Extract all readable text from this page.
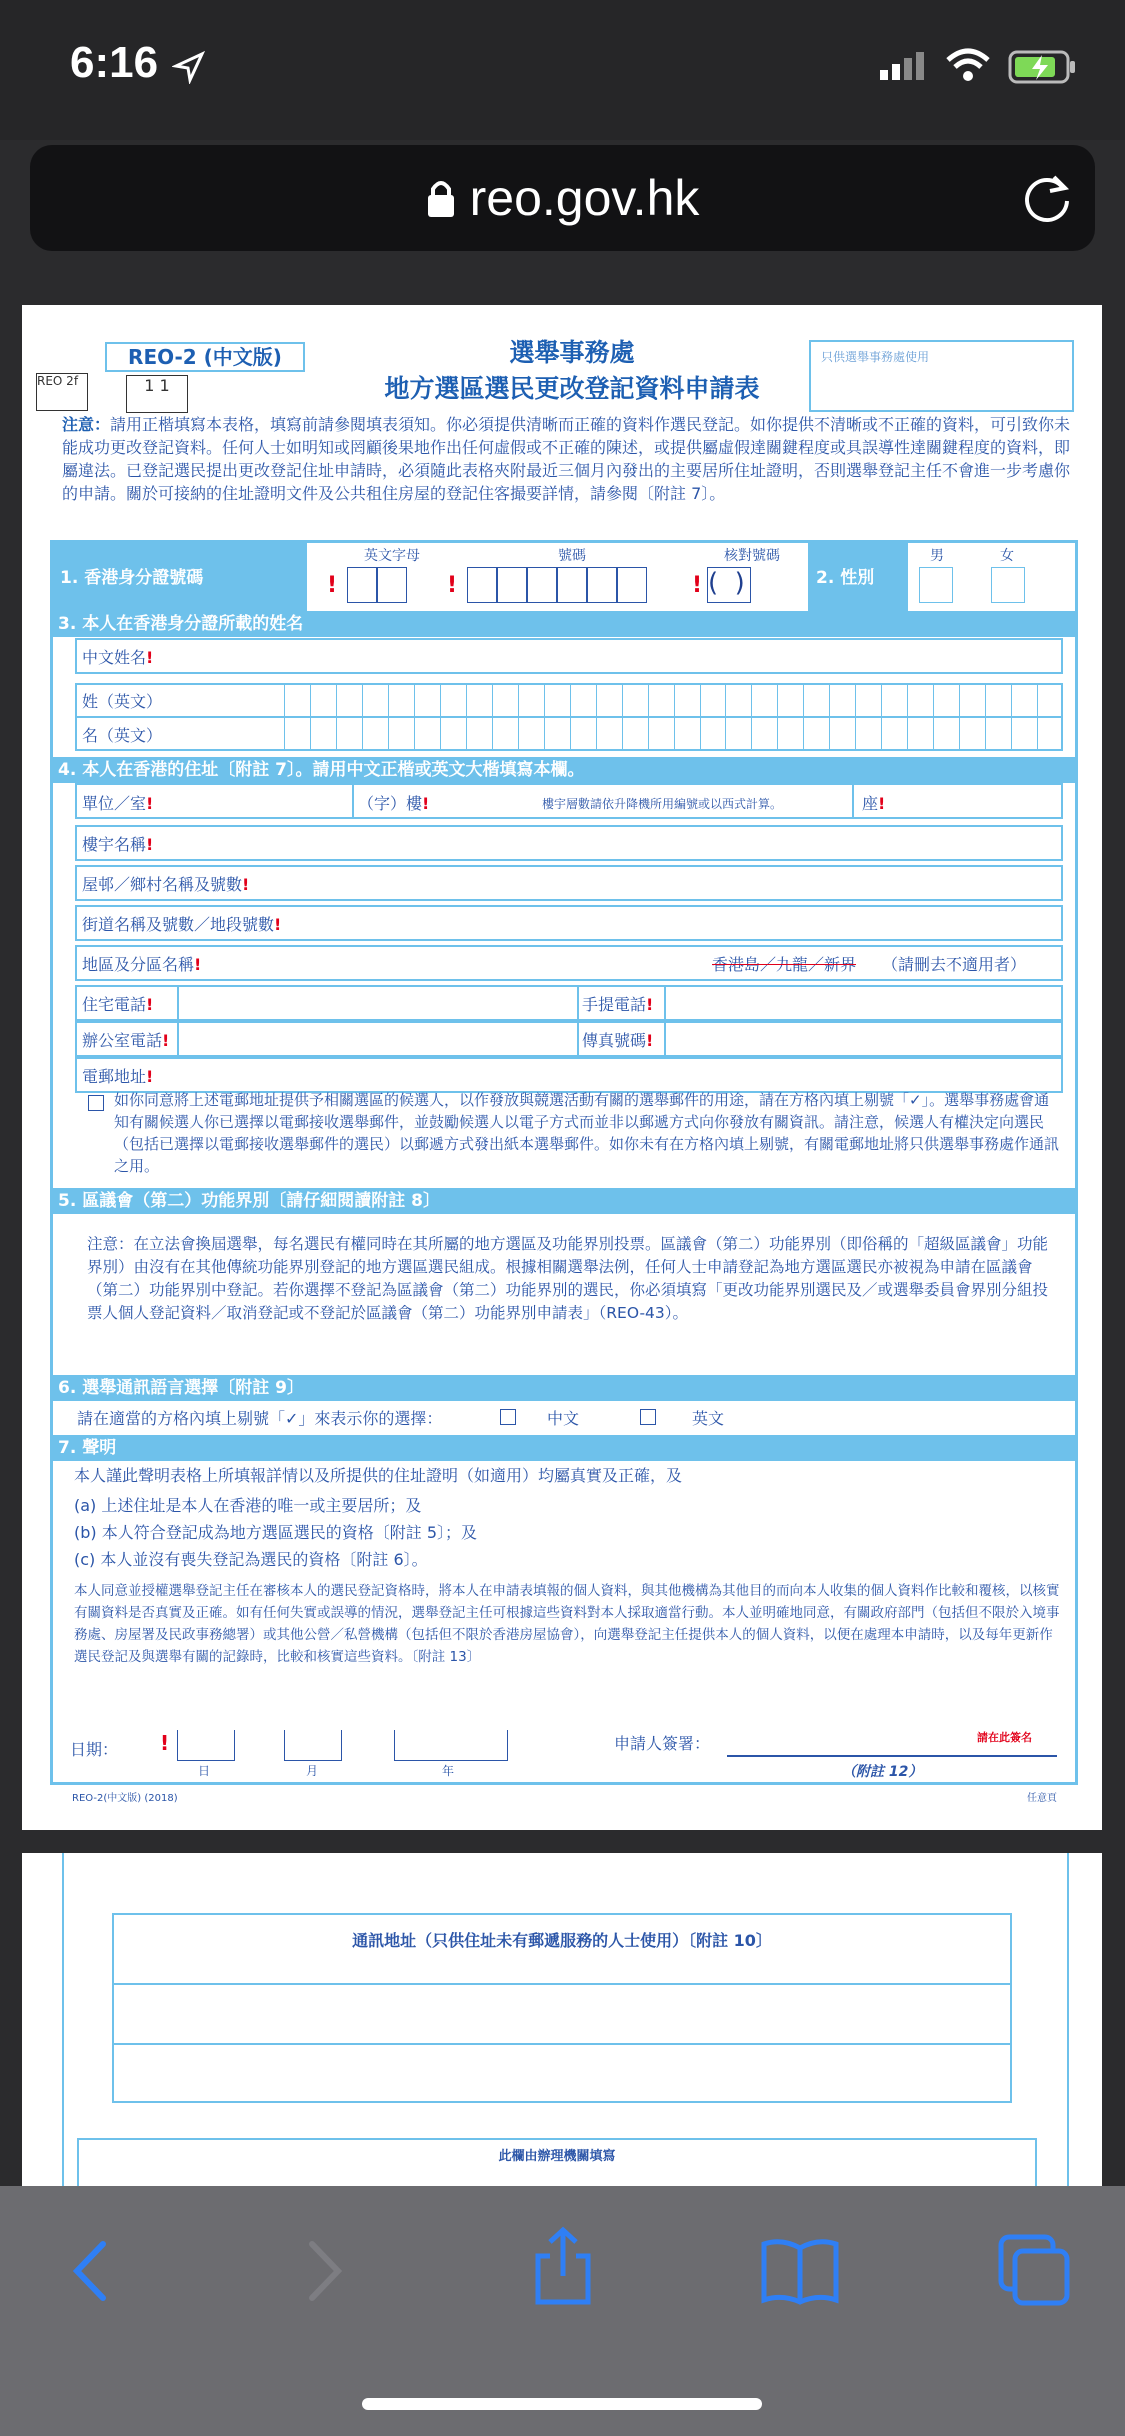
6:16
reo.gov.hk
REO-2 (中文版)
REO 2f	1 1
選舉事務處
地方選區選民更改登記資料申請表
只供選舉事務處使用
注意：請用正楷填寫本表格，填寫前請參閱填表須知。你必須提供清晰而正確的資料作選民登記。如你提供不清晰或不正確的資料，可引致你未能成功更改登記資料。任何人士如明知或罔顧後果地作出任何虛假或不正確的陳述，或提供屬虛假達關鍵程度或具誤導性達關鍵程度的資料，即屬違法。已登記選民提出更改登記住址申請時，必須隨此表格夾附最近三個月內發出的主要居所住址證明，否則選舉登記主任不會進一步考慮你的申請。關於可接納的住址證明文件及公共租住房屋的登記住客撮要詳情，請參閱〔附註 7〕。
1. 香港身分證號碼
英文字母	號碼	核對號碼
!	!	! (  )	2. 性別
男	女
3. 本人在香港身分證所載的姓名
中文姓名!
姓（英文）
名（英文）
4. 本人在香港的住址〔附註 7〕。請用中文正楷或英文大楷填寫本欄。
單位／室!	（字）樓!	樓宇層數請依升降機所用編號或以西式計算。	座!
樓宇名稱!
屋邨／鄉村名稱及號數!
街道名稱及號數／地段號數!
地區及分區名稱!	香港島／九龍／新界 （請刪去不適用者）
住宅電話!	手提電話!
辦公室電話!	傳真號碼!
電郵地址!
如你同意將上述電郵地址提供予相關選區的候選人，以作發放與競選活動有關的選舉郵件的用途，請在方格內填上剔號「✓」。選舉事務處會通知有關候選人你已選擇以電郵接收選舉郵件，並鼓勵候選人以電子方式而並非以郵遞方式向你發放有關資訊。請注意，候選人有權決定向選民（包括已選擇以電郵接收選舉郵件的選民）以郵遞方式發出紙本選舉郵件。如你未有在方格內填上剔號，有關電郵地址將只供選舉事務處作通訊之用。
5. 區議會（第二）功能界別〔請仔細閱讀附註 8〕
注意：在立法會換屆選舉，每名選民有權同時在其所屬的地方選區及功能界別投票。區議會（第二）功能界別（即俗稱的「超級區議會」功能界別）由沒有在其他傳統功能界別登記的地方選區選民組成。根據相關選舉法例，任何人士申請登記為地方選區選民亦被視為申請在區議會（第二）功能界別中登記。若你選擇不登記為區議會（第二）功能界別的選民，你必須填寫「更改功能界別選民及／或選舉委員會界別分組投票人個人登記資料／取消登記或不登記於區議會（第二）功能界別申請表」（REO-43）。
6. 選舉通訊語言選擇〔附註 9〕
請在適當的方格內填上剔號「✓」來表示你的選擇：	中文	英文
7. 聲明
本人謹此聲明表格上所填報詳情以及所提供的住址證明（如適用）均屬真實及正確，及
(a) 上述住址是本人在香港的唯一或主要居所；及
(b) 本人符合登記成為地方選區選民的資格〔附註 5〕；及
(c) 本人並沒有喪失登記為選民的資格〔附註 6〕。
本人同意並授權選舉登記主任在審核本人的選民登記資格時，將本人在申請表填報的個人資料，與其他機構為其他目的而向本人收集的個人資料作比較和覆核，以核實有關資料是否真實及正確。如有任何失實或誤導的情況，選舉登記主任可根據這些資料對本人採取適當行動。本人並明確地同意，有關政府部門（包括但不限於入境事務處、房屋署及民政事務總署）或其他公營／私營機構（包括但不限於香港房屋協會），向選舉登記主任提供本人的個人資料，以便在處理本申請時，以及每年更新作選民登記及與選舉有關的記錄時，比較和核實這些資料。〔附註 13〕
日期： !
日	月	年
申請人簽署：	請在此簽名
（附註 12）
REO-2(中文版) (2018)	任意頁
通訊地址（只供住址未有郵遞服務的人士使用）〔附註 10〕
此欄由辦理機關填寫
